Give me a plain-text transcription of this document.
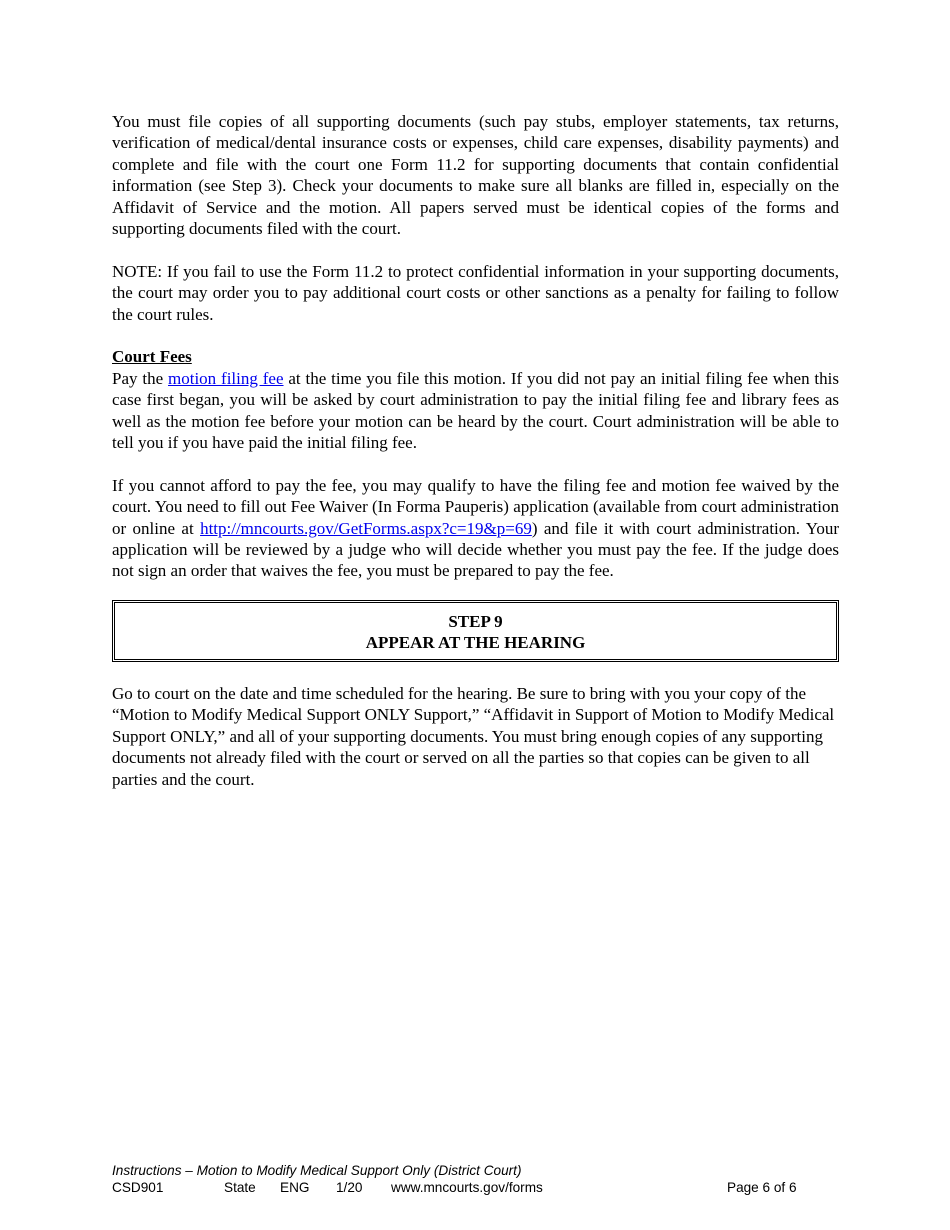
You must file copies of all supporting documents (such pay stubs, employer statements, tax returns, verification of medical/dental insurance costs or expenses, child care expenses, disability payments) and complete and file with the court one Form 11.2 for supporting documents that contain confidential information (see Step 3). Check your documents to make sure all blanks are filled in, especially on the Affidavit of Service and the motion. All papers served must be identical copies of the forms and supporting documents filed with the court.

NOTE: If you fail to use the Form 11.2 to protect confidential information in your supporting documents, the court may order you to pay additional court costs or other sanctions as a penalty for failing to follow the court rules.

Court Fees

Pay the motion filing fee at the time you file this motion. If you did not pay an initial filing fee when this case first began, you will be asked by court administration to pay the initial filing fee and library fees as well as the motion fee before your motion can be heard by the court. Court administration will be able to tell you if you have paid the initial filing fee.

If you cannot afford to pay the fee, you may qualify to have the filing fee and motion fee waived by the court. You need to fill out Fee Waiver (In Forma Pauperis) application (available from court administration or online at http://mncourts.gov/GetForms.aspx?c=19&p=69) and file it with court administration. Your application will be reviewed by a judge who will decide whether you must pay the fee. If the judge does not sign an order that waives the fee, you must be prepared to pay the fee.

STEP 9
APPEAR AT THE HEARING

Go to court on the date and time scheduled for the hearing. Be sure to bring with you your copy of the “Motion to Modify Medical Support ONLY Support,” “Affidavit in Support of Motion to Modify Medical Support ONLY,” and all of your supporting documents. You must bring enough copies of any supporting documents not already filed with the court or served on all the parties so that copies can be given to all parties and the court.

Instructions – Motion to Modify Medical Support Only (District Court)
CSD901	State ENG 1/20 www.mncourts.gov/forms	Page 6 of 6
